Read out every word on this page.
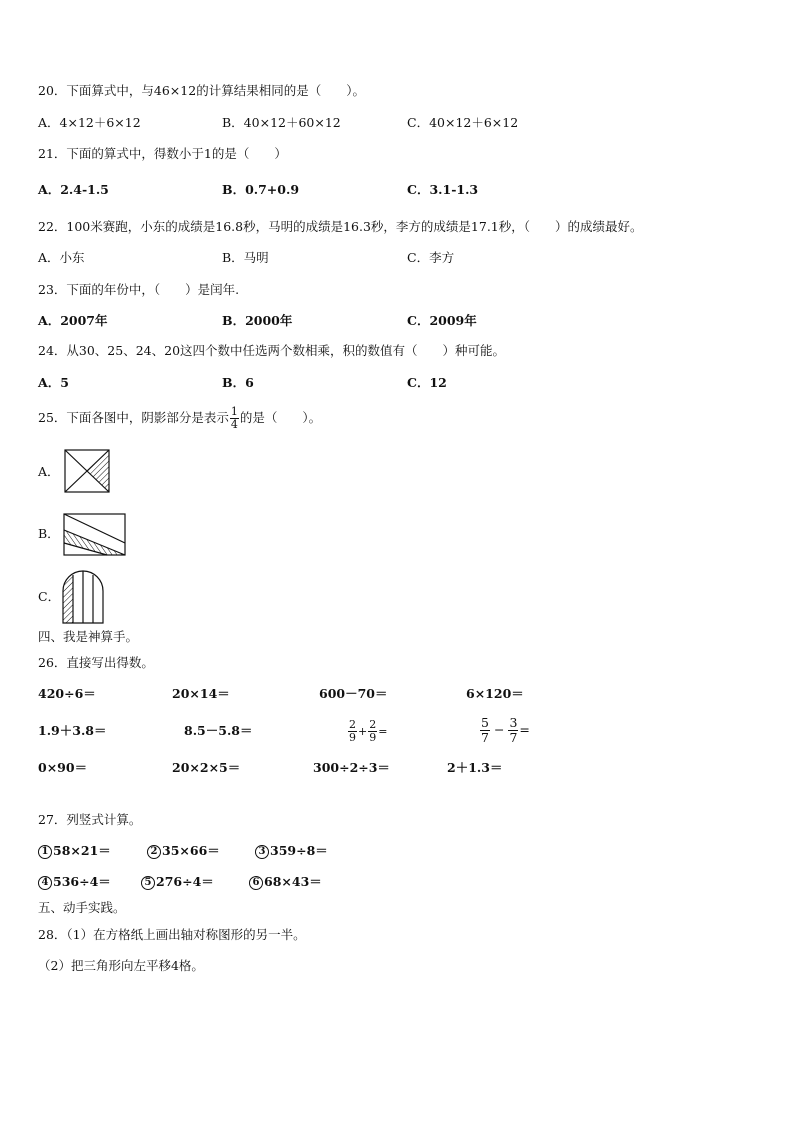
20．下面算式中，与46×12的计算结果相同的是（　　）。
A．4×12＋6×12	B．40×12＋60×12	C．40×12＋6×12
21．下面的算式中，得数小于1的是（　　）
A．2.4-1.5	B．0.7+0.9	C．3.1-1.3
22．100米赛跑，小东的成绩是16.8秒，马明的成绩是16.3秒，李方的成绩是17.1秒，（　　）的成绩最好。
A．小东	B．马明	C．李方
23．下面的年份中，（　　）是闰年.
A．2007年	B．2000年	C．2009年
24．从30、25、24、20这四个数中任选两个数相乘，积的数值有（　　）种可能。
A．5	B．6	C．12
25．下面各图中，阴影部分是表示 $\frac{1}{4}$ 的是（　　）。
A．
B．
C．
四、我是神算手。
26．直接写出得数。
420÷6＝	20×14＝	600－70＝	6×120＝
1.9＋3.8＝	8.5－5.8＝	$\frac{2}{9} + \frac{2}{9}$ =	$\frac{5}{7} - \frac{3}{7}$ =
0×90＝	20×2×5＝	300÷2÷3＝	2＋1.3＝
27．列竖式计算。
1 58×21＝	2 35×66＝	3 359÷8＝
4 536÷4＝	5 276÷4＝	6 68×43＝
五、动手实践。
28．（1）在方格纸上画出轴对称图形的另一半。
（2）把三角形向左平移4格。
